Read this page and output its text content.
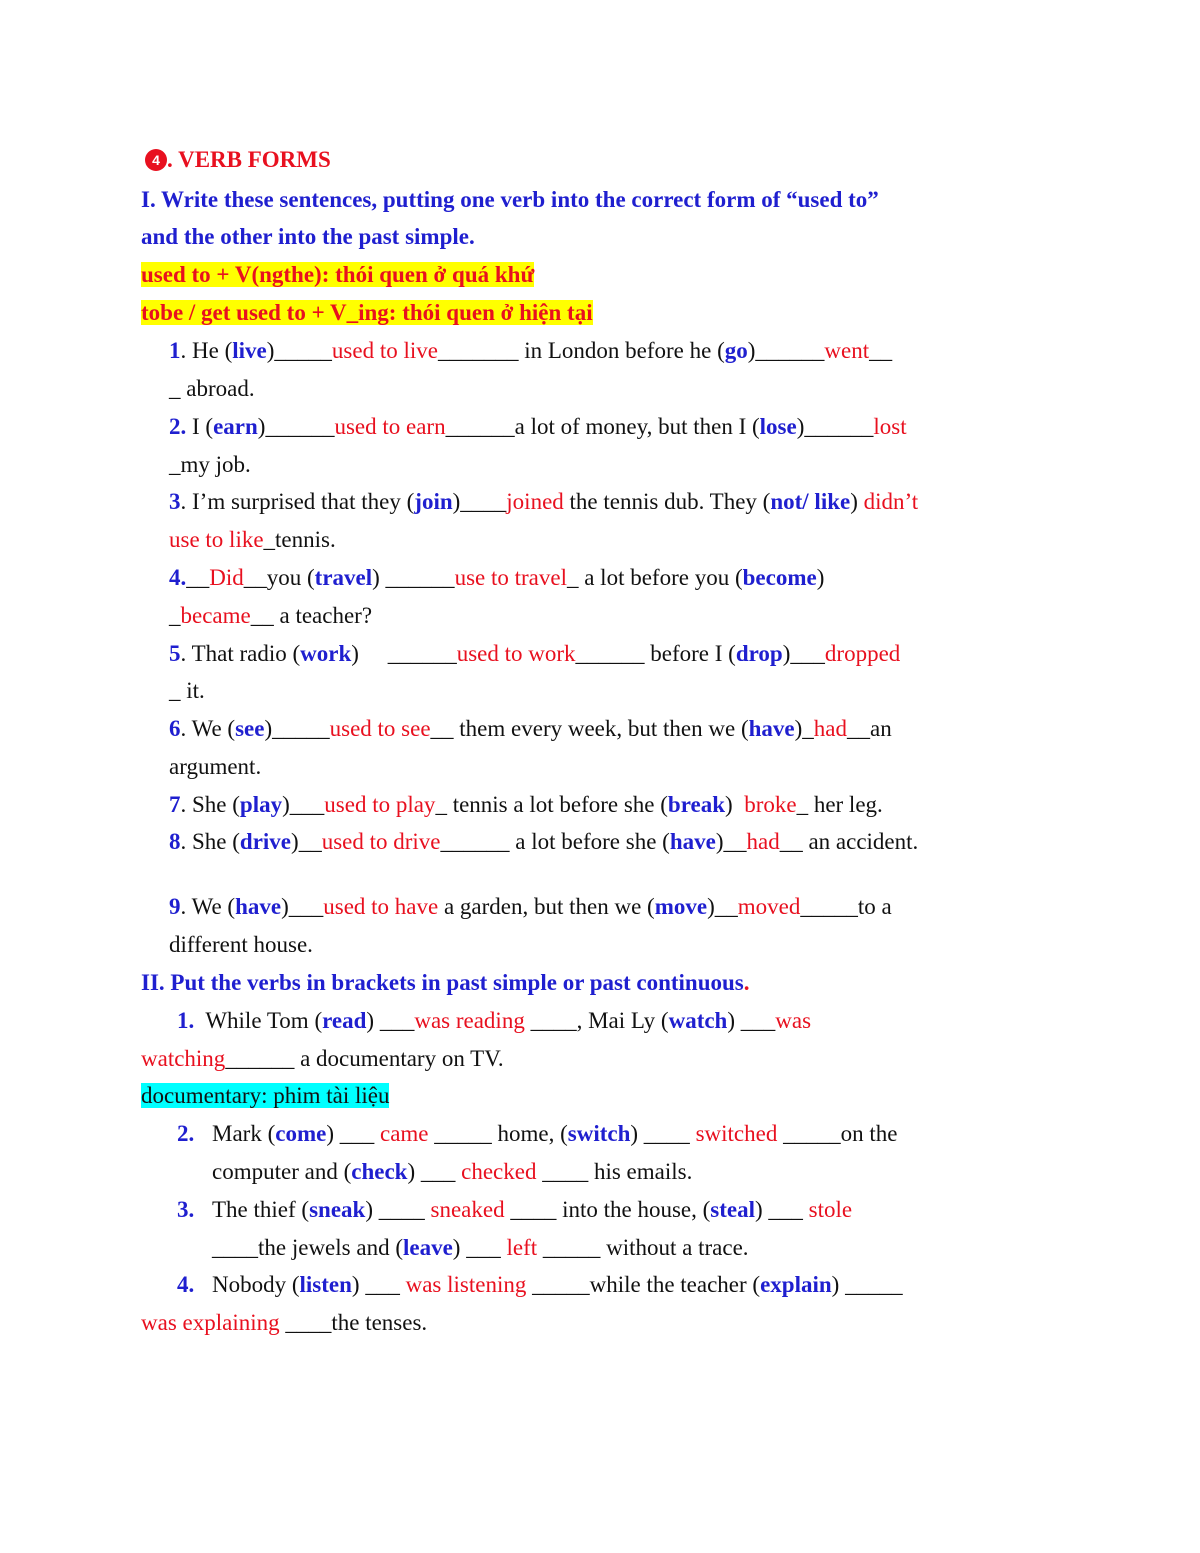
4 . VERB FORMS
I. Write these sentences, putting one verb into the correct form of “used to”
and the other into the past simple.
used to + V(ngthe): thói quen ở quá khứ
tobe / get used to + V_ing: thói quen ở hiện tại
1. He (live)_____used to live_______ in London before he (go)______went__
_ abroad.
2. I (earn)______used to earn______a lot of money, but then I (lose)______lost
_my job.
3. I’m surprised that they (join)____joined the tennis dub. They (not/ like) didn’t
use to like_tennis.
4.__Did__you (travel) ______use to travel_ a lot before you (become)
_became__ a teacher?
5. That radio (work)     ______used to work______ before I (drop)___dropped
_ it.
6. We (see)_____used to see__ them every week, but then we (have)_had__an
argument.
7. She (play)___used to play_ tennis a lot before she (break)  broke_ her leg.
8. She (drive)__used to drive______ a lot before she (have)__had__ an accident.
9. We (have)___used to have a garden, but then we (move)__moved_____to a
different house.
II. Put the verbs in brackets in past simple or past continuous.
1.  While Tom (read) ___was reading ____, Mai Ly (watch) ___was
watching______ a documentary on TV.
documentary: phim tài liệu
2. Mark (come) ___ came _____ home, (switch) ____ switched _____on the
computer and (check) ___ checked ____ his emails.
3. The thief (sneak) ____ sneaked ____ into the house, (steal) ___ stole
____the jewels and (leave) ___ left _____ without a trace.
4. Nobody (listen) ___ was listening _____while the teacher (explain) _____
was explaining ____the tenses.
